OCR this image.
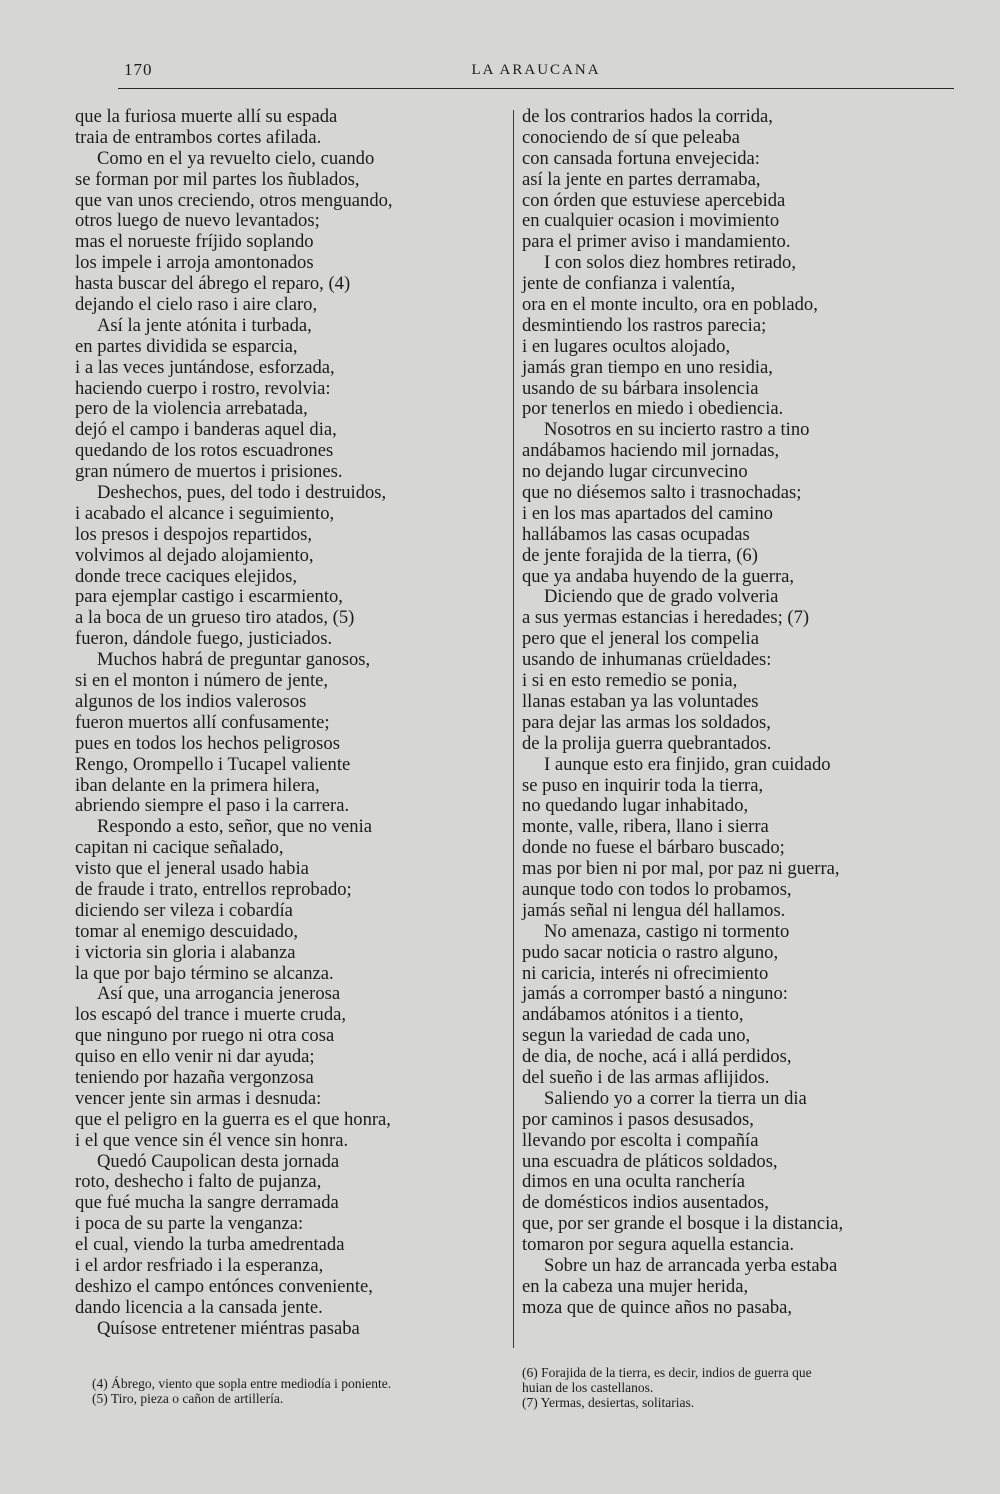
170	LA ARAUCANA
que la furiosa muerte allí su espada
traia de entrambos cortes afilada.
Como en el ya revuelto cielo, cuando
se forman por mil partes los ñublados,
que van unos creciendo, otros menguando,
otros luego de nuevo levantados;
mas el norueste fríjido soplando
los impele i arroja amontonados
hasta buscar del ábrego el reparo, (4)
dejando el cielo raso i aire claro,
Así la jente atónita i turbada,
en partes dividida se esparcia,
i a las veces juntándose, esforzada,
haciendo cuerpo i rostro, revolvia:
pero de la violencia arrebatada,
dejó el campo i banderas aquel dia,
quedando de los rotos escuadrones
gran número de muertos i prisiones.
Deshechos, pues, del todo i destruidos,
i acabado el alcance i seguimiento,
los presos i despojos repartidos,
volvimos al dejado alojamiento,
donde trece caciques elejidos,
para ejemplar castigo i escarmiento,
a la boca de un grueso tiro atados, (5)
fueron, dándole fuego, justiciados.
Muchos habrá de preguntar ganosos,
si en el monton i número de jente,
algunos de los indios valerosos
fueron muertos allí confusamente;
pues en todos los hechos peligrosos
Rengo, Orompello i Tucapel valiente
iban delante en la primera hilera,
abriendo siempre el paso i la carrera.
Respondo a esto, señor, que no venia
capitan ni cacique señalado,
visto que el jeneral usado habia
de fraude i trato, entrellos reprobado;
diciendo ser vileza i cobardía
tomar al enemigo descuidado,
i victoria sin gloria i alabanza
la que por bajo término se alcanza.
Así que, una arrogancia jenerosa
los escapó del trance i muerte cruda,
que ninguno por ruego ni otra cosa
quiso en ello venir ni dar ayuda;
teniendo por hazaña vergonzosa
vencer jente sin armas i desnuda:
que el peligro en la guerra es el que honra,
i el que vence sin él vence sin honra.
Quedó Caupolican desta jornada
roto, deshecho i falto de pujanza,
que fué mucha la sangre derramada
i poca de su parte la venganza:
el cual, viendo la turba amedrentada
i el ardor resfriado i la esperanza,
deshizo el campo entónces conveniente,
dando licencia a la cansada jente.
Quísose entretener miéntras pasaba
de los contrarios hados la corrida,
conociendo de sí que peleaba
con cansada fortuna envejecida:
así la jente en partes derramaba,
con órden que estuviese apercebida
en cualquier ocasion i movimiento
para el primer aviso i mandamiento.
I con solos diez hombres retirado,
jente de confianza i valentía,
ora en el monte inculto, ora en poblado,
desmintiendo los rastros parecia;
i en lugares ocultos alojado,
jamás gran tiempo en uno residia,
usando de su bárbara insolencia
por tenerlos en miedo i obediencia.
Nosotros en su incierto rastro a tino
andábamos haciendo mil jornadas,
no dejando lugar circunvecino
que no diésemos salto i trasnochadas;
i en los mas apartados del camino
hallábamos las casas ocupadas
de jente forajida de la tierra, (6)
que ya andaba huyendo de la guerra,
Diciendo que de grado volveria
a sus yermas estancias i heredades; (7)
pero que el jeneral los compelia
usando de inhumanas crüeldades:
i si en esto remedio se ponia,
llanas estaban ya las voluntades
para dejar las armas los soldados,
de la prolija guerra quebrantados.
I aunque esto era finjido, gran cuidado
se puso en inquirir toda la tierra,
no quedando lugar inhabitado,
monte, valle, ribera, llano i sierra
donde no fuese el bárbaro buscado;
mas por bien ni por mal, por paz ni guerra,
aunque todo con todos lo probamos,
jamás señal ni lengua dél hallamos.
No amenaza, castigo ni tormento
pudo sacar noticia o rastro alguno,
ni caricia, interés ni ofrecimiento
jamás a corromper bastó a ninguno:
andábamos atónitos i a tiento,
segun la variedad de cada uno,
de dia, de noche, acá i allá perdidos,
del sueño i de las armas aflijidos.
Saliendo yo a correr la tierra un dia
por caminos i pasos desusados,
llevando por escolta i compañía
una escuadra de pláticos soldados,
dimos en una oculta ranchería
de domésticos indios ausentados,
que, por ser grande el bosque i la distancia,
tomaron por segura aquella estancia.
Sobre un haz de arrancada yerba estaba
en la cabeza una mujer herida,
moza que de quince años no pasaba,
(4) Ábrego, viento que sopla entre mediodía i poniente.
(5) Tiro, pieza o cañon de artillería.
(6) Forajida de la tierra, es decir, indios de guerra que
huian de los castellanos.
(7) Yermas, desiertas, solitarias.
